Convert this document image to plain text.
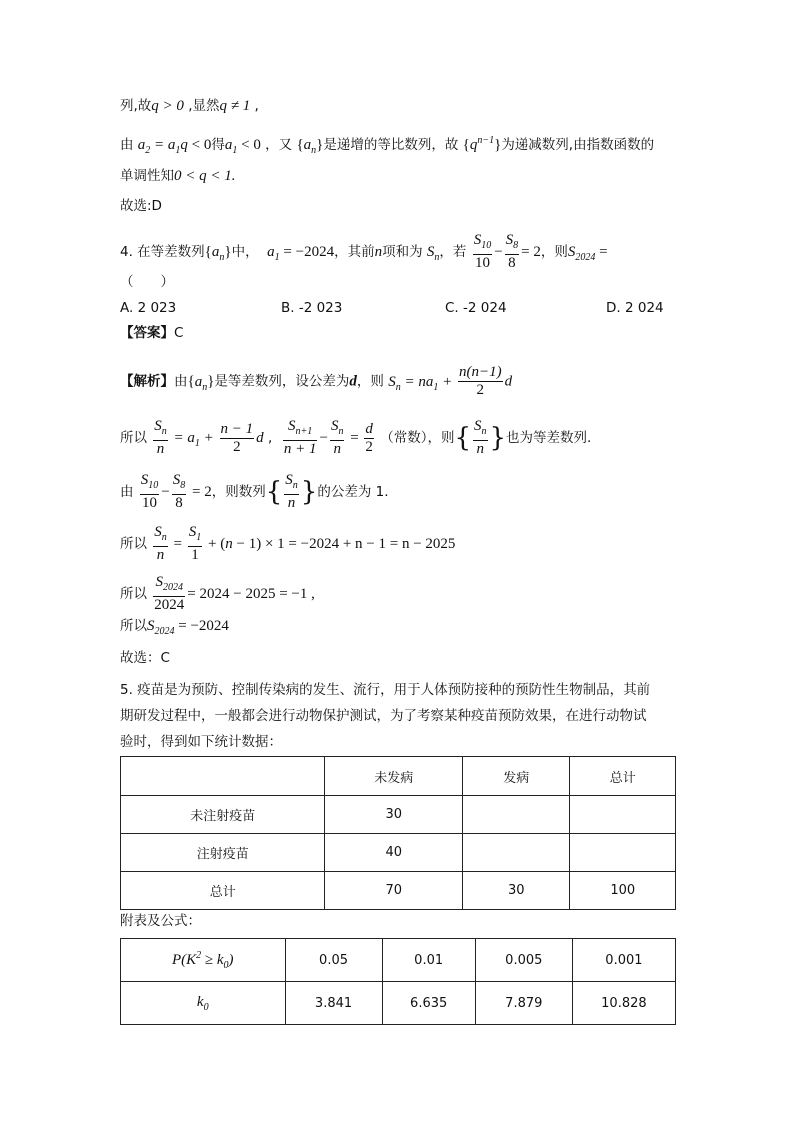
列,故q > 0 ,显然q ≠ 1 ,
由 $a_2 = a_1q < 0$得$a_1 < 0$ ，又 $\{a_n\}$是递增的等比数列，故 $\{q^{n-1}\}$为递减数列,由指数函数的
单调性知0 < q < 1.
故选:D
4. 在等差数列$\{a_n\}$中， $a_1 = -2024$，其前n项和为 $S_n$，若 $\frac{S_{10}}{10} - \frac{S_8}{8} = 2$，则$S_{2024}$ =
（　　）
A. 2 023	B. -2 023	C. -2 024	D. 2 024
【答案】C
【解析】由$\{a_n\}$是等差数列，设公差为d，则 $S_n = na_1 + \frac{n(n-1)}{2}$ d
所以 $\frac{S_n}{n} = a_1 + \frac{n - 1}{2}$ d , $\frac{S_{n+1}}{n + 1} - \frac{S_n}{n} = \frac{d}{2}$ （常数），则{ $\frac{S_n}{n}$ }也为等差数列.
由 $\frac{S_{10}}{10} - \frac{S_8}{8} = 2$，则数列{ $\frac{S_n}{n}$ }的公差为 1.
所以 $\frac{S_n}{n} = \frac{S_1}{1} + (n - 1) \times 1 = -2024 + n - 1 = n - 2025$
所以 $\frac{S_{2024}}{2024} = 2024 - 2025 = -1$ ,
所以$S_{2024} = -2024$
故选：C
5. 疫苗是为预防、控制传染病的发生、流行，用于人体预防接种的预防性生物制品，其前
期研发过程中，一般都会进行动物保护测试，为了考察某种疫苗预防效果，在进行动物试
验时，得到如下统计数据：
	未发病	发病	总计
未注射疫苗	30		
注射疫苗	40		
总计	70	30	100
附表及公式：
$P(K^2 \ge k_0)$	0.05	0.01	0.005	0.001
$k_0$	3.841	6.635	7.879	10.828
